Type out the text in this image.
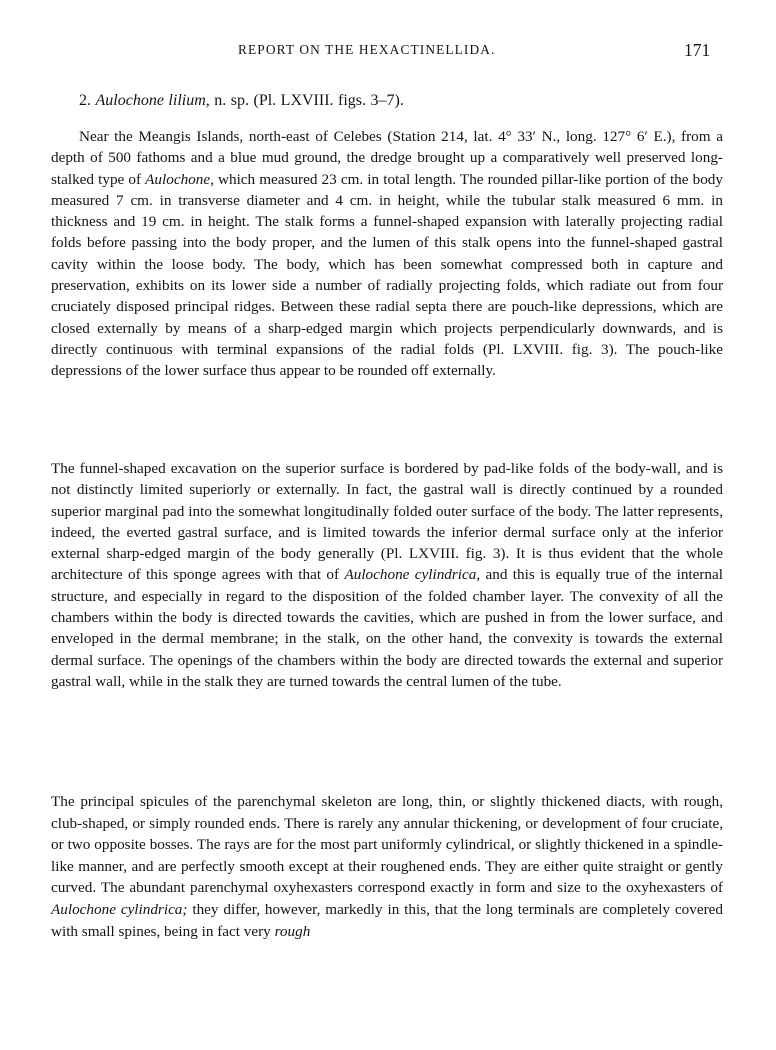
REPORT ON THE HEXACTINELLIDA.	171
2. Aulochone lilium, n. sp. (Pl. LXVIII. figs. 3–7).

Near the Meangis Islands, north-east of Celebes (Station 214, lat. 4° 33′ N., long. 127° 6′ E.), from a depth of 500 fathoms and a blue mud ground, the dredge brought up a comparatively well preserved long-stalked type of Aulochone, which measured 23 cm. in total length. The rounded pillar-like portion of the body measured 7 cm. in transverse diameter and 4 cm. in height, while the tubular stalk measured 6 mm. in thickness and 19 cm. in height. The stalk forms a funnel-shaped expansion with laterally projecting radial folds before passing into the body proper, and the lumen of this stalk opens into the funnel-shaped gastral cavity within the loose body. The body, which has been somewhat compressed both in capture and preservation, exhibits on its lower side a number of radially projecting folds, which radiate out from four cruciately disposed principal ridges. Between these radial septa there are pouch-like depressions, which are closed externally by means of a sharp-edged margin which projects perpendicularly downwards, and is directly continuous with terminal expansions of the radial folds (Pl. LXVIII. fig. 3). The pouch-like depressions of the lower surface thus appear to be rounded off externally.

The funnel-shaped excavation on the superior surface is bordered by pad-like folds of the body-wall, and is not distinctly limited superiorly or externally. In fact, the gastral wall is directly continued by a rounded superior marginal pad into the somewhat longitudinally folded outer surface of the body. The latter represents, indeed, the everted gastral surface, and is limited towards the inferior dermal surface only at the inferior external sharp-edged margin of the body generally (Pl. LXVIII. fig. 3). It is thus evident that the whole architecture of this sponge agrees with that of Aulochone cylindrica, and this is equally true of the internal structure, and especially in regard to the disposition of the folded chamber layer. The convexity of all the chambers within the body is directed towards the cavities, which are pushed in from the lower surface, and enveloped in the dermal membrane; in the stalk, on the other hand, the convexity is towards the external dermal surface. The openings of the chambers within the body are directed towards the external and superior gastral wall, while in the stalk they are turned towards the central lumen of the tube.

The principal spicules of the parenchymal skeleton are long, thin, or slightly thickened diacts, with rough, club-shaped, or simply rounded ends. There is rarely any annular thickening, or development of four cruciate, or two opposite bosses. The rays are for the most part uniformly cylindrical, or slightly thickened in a spindle-like manner, and are perfectly smooth except at their roughened ends. They are either quite straight or gently curved. The abundant parenchymal oxyhexasters correspond exactly in form and size to the oxyhexasters of Aulochone cylindrica; they differ, however, markedly in this, that the long terminals are completely covered with small spines, being in fact very rough
